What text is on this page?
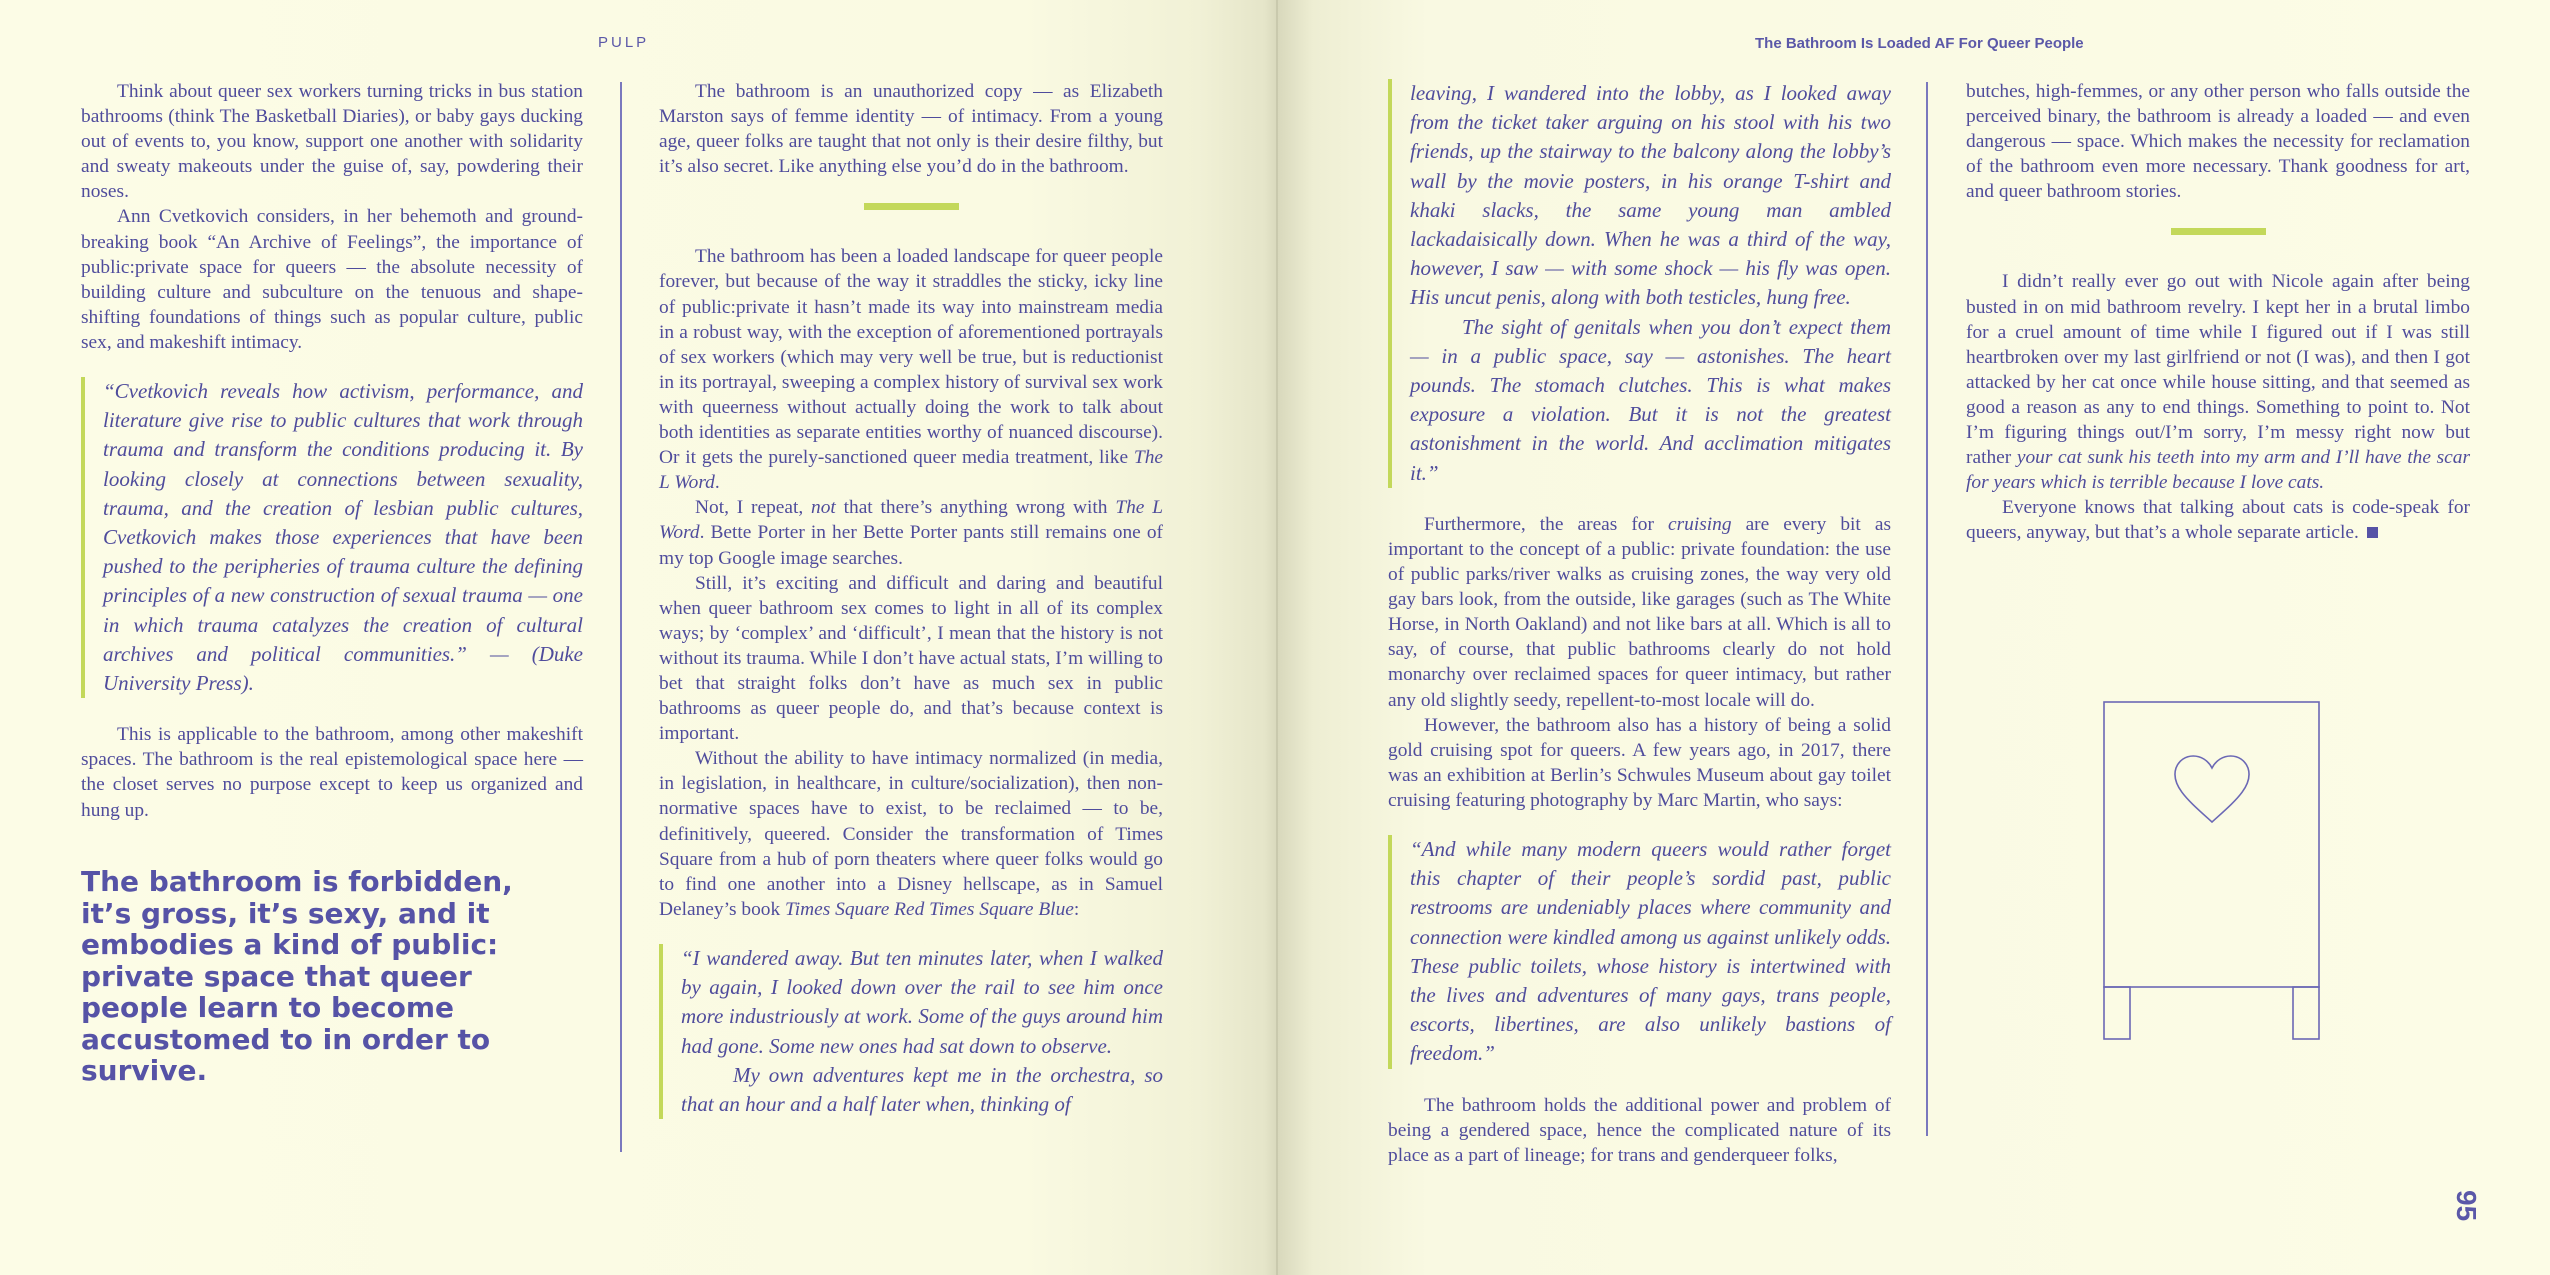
PULP	The Bathroom Is Loaded AF For Queer People
95

Think about queer sex workers turning tricks in bus station bathrooms (think The Basketball Diaries), or baby gays ducking out of events to, you know, support one another with solidarity and sweaty makeouts under the guise of, say, powdering their noses.

Ann Cvetkovich considers, in her behemoth and ground-breaking book “An Archive of Feelings”, the importance of public:private space for queers — the absolute necessity of building culture and subculture on the tenuous and shape-shifting foundations of things such as popular culture, public sex, and makeshift intimacy.

“Cvetkovich reveals how activism, performance, and literature give rise to public cultures that work through trauma and transform the conditions producing it. By looking closely at connections between sexuality, trauma, and the creation of lesbian public cultures, Cvetkovich makes those experiences that have been pushed to the peripheries of trauma culture the defining principles of a new construction of sexual trauma — one in which trauma catalyzes the creation of cultural archives and political communities.” — (Duke University Press).

This is applicable to the bathroom, among other makeshift spaces. The bathroom is the real epistemological space here — the closet serves no purpose except to keep us organized and hung up.

The bathroom is forbidden, it’s gross, it’s sexy, and it embodies a kind of public: private space that queer people learn to become accustomed to in order to survive.

The bathroom is an unauthorized copy — as Elizabeth Marston says of femme identity — of intimacy. From a young age, queer folks are taught that not only is their desire filthy, but it’s also secret. Like anything else you’d do in the bathroom.

The bathroom has been a loaded landscape for queer people forever, but because of the way it straddles the sticky, icky line of public:private it hasn’t made its way into mainstream media in a robust way, with the exception of aforementioned portrayals of sex workers (which may very well be true, but is reductionist in its portrayal, sweeping a complex history of survival sex work with queerness without actually doing the work to talk about both identities as separate entities worthy of nuanced discourse). Or it gets the purely-sanctioned queer media treatment, like The L Word.

Not, I repeat, not that there’s anything wrong with The L Word. Bette Porter in her Bette Porter pants still remains one of my top Google image searches.

Still, it’s exciting and difficult and daring and beautiful when queer bathroom sex comes to light in all of its complex ways; by ‘complex’ and ‘difficult’, I mean that the history is not without its trauma. While I don’t have actual stats, I’m willing to bet that straight folks don’t have as much sex in public bathrooms as queer people do, and that’s because context is important.

Without the ability to have intimacy normalized (in media, in legislation, in healthcare, in culture/socialization), then non-normative spaces have to exist, to be reclaimed — to be, definitively, queered. Consider the transformation of Times Square from a hub of porn theaters where queer folks would go to find one another into a Disney hellscape, as in Samuel Delaney’s book Times Square Red Times Square Blue:

“I wandered away. But ten minutes later, when I walked by again, I looked down over the rail to see him once more industriously at work. Some of the guys around him had gone. Some new ones had sat down to observe.

My own adventures kept me in the orchestra, so that an hour and a half later when, thinking of

leaving, I wandered into the lobby, as I looked away from the ticket taker arguing on his stool with his two friends, up the stairway to the balcony along the lobby’s wall by the movie posters, in his orange T-shirt and khaki slacks, the same young man ambled lackadaisically down. When he was a third of the way, however, I saw — with some shock — his fly was open. His uncut penis, along with both testicles, hung free.

The sight of genitals when you don’t expect them — in a public space, say — astonishes. The heart pounds. The stomach clutches. This is what makes exposure a violation. But it is not the greatest astonishment in the world. And acclimation mitigates it.”

Furthermore, the areas for cruising are every bit as important to the concept of a public: private foundation: the use of public parks/river walks as cruising zones, the way very old gay bars look, from the outside, like garages (such as The White Horse, in North Oakland) and not like bars at all. Which is all to say, of course, that public bathrooms clearly do not hold monarchy over reclaimed spaces for queer intimacy, but rather any old slightly seedy, repellent-to-most locale will do.

However, the bathroom also has a history of being a solid gold cruising spot for queers. A few years ago, in 2017, there was an exhibition at Berlin’s Schwules Museum about gay toilet cruising featuring photography by Marc Martin, who says:

“And while many modern queers would rather forget this chapter of their people’s sordid past, public restrooms are undeniably places where community and connection were kindled among us against unlikely odds. These public toilets, whose history is intertwined with the lives and adventures of many gays, trans people, escorts, libertines, are also unlikely bastions of freedom.”

The bathroom holds the additional power and problem of being a gendered space, hence the complicated nature of its place as a part of lineage; for trans and genderqueer folks,

butches, high-femmes, or any other person who falls outside the perceived binary, the bathroom is already a loaded — and even dangerous — space. Which makes the necessity for reclamation of the bathroom even more necessary. Thank goodness for art, and queer bathroom stories.

I didn’t really ever go out with Nicole again after being busted in on mid bathroom revelry. I kept her in a brutal limbo for a cruel amount of time while I figured out if I was still heartbroken over my last girlfriend or not (I was), and then I got attacked by her cat once while house sitting, and that seemed as good a reason as any to end things. Something to point to. Not I’m figuring things out/I’m sorry, I’m messy right now but rather your cat sunk his teeth into my arm and I’ll have the scar for years which is terrible because I love cats.

Everyone knows that talking about cats is code-speak for queers, anyway, but that’s a whole separate article.
